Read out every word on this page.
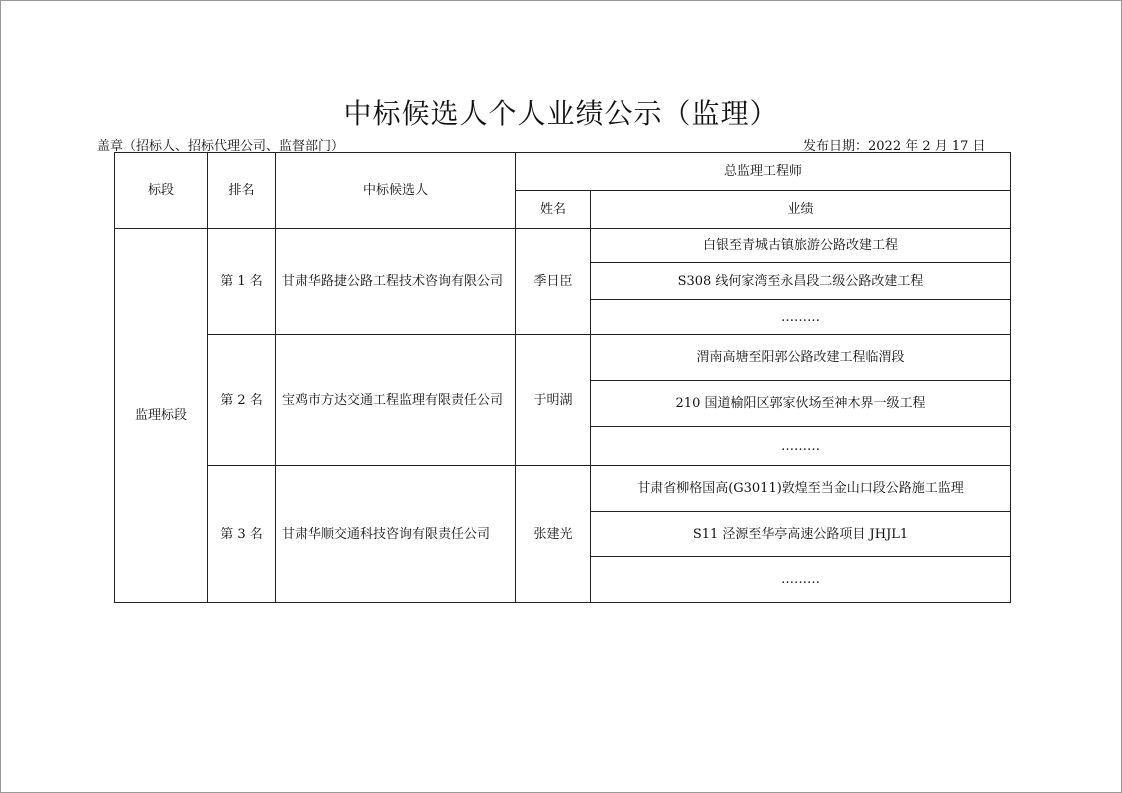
中标候选人个人业绩公示（监理）
盖章（招标人、招标代理公司、监督部门）	发布日期：2022 年 2 月 17 日
标段	排名	中标候选人	总监理工程师	
			姓名	业绩
监理标段	第 1 名	甘肃华路捷公路工程技术咨询有限公司	季日臣	白银至青城古镇旅游公路改建工程
				S308 线何家湾至永昌段二级公路改建工程
				………
	第 2 名	宝鸡市方达交通工程监理有限责任公司	于明湖	渭南高塘至阳郭公路改建工程临渭段
				210 国道榆阳区郭家伙场至神木界一级工程
				………
	第 3 名	甘肃华顺交通科技咨询有限责任公司	张建光	甘肃省柳格国高(G3011)敦煌至当金山口段公路施工监理
				S11 泾源至华亭高速公路项目 JHJL1
				………
